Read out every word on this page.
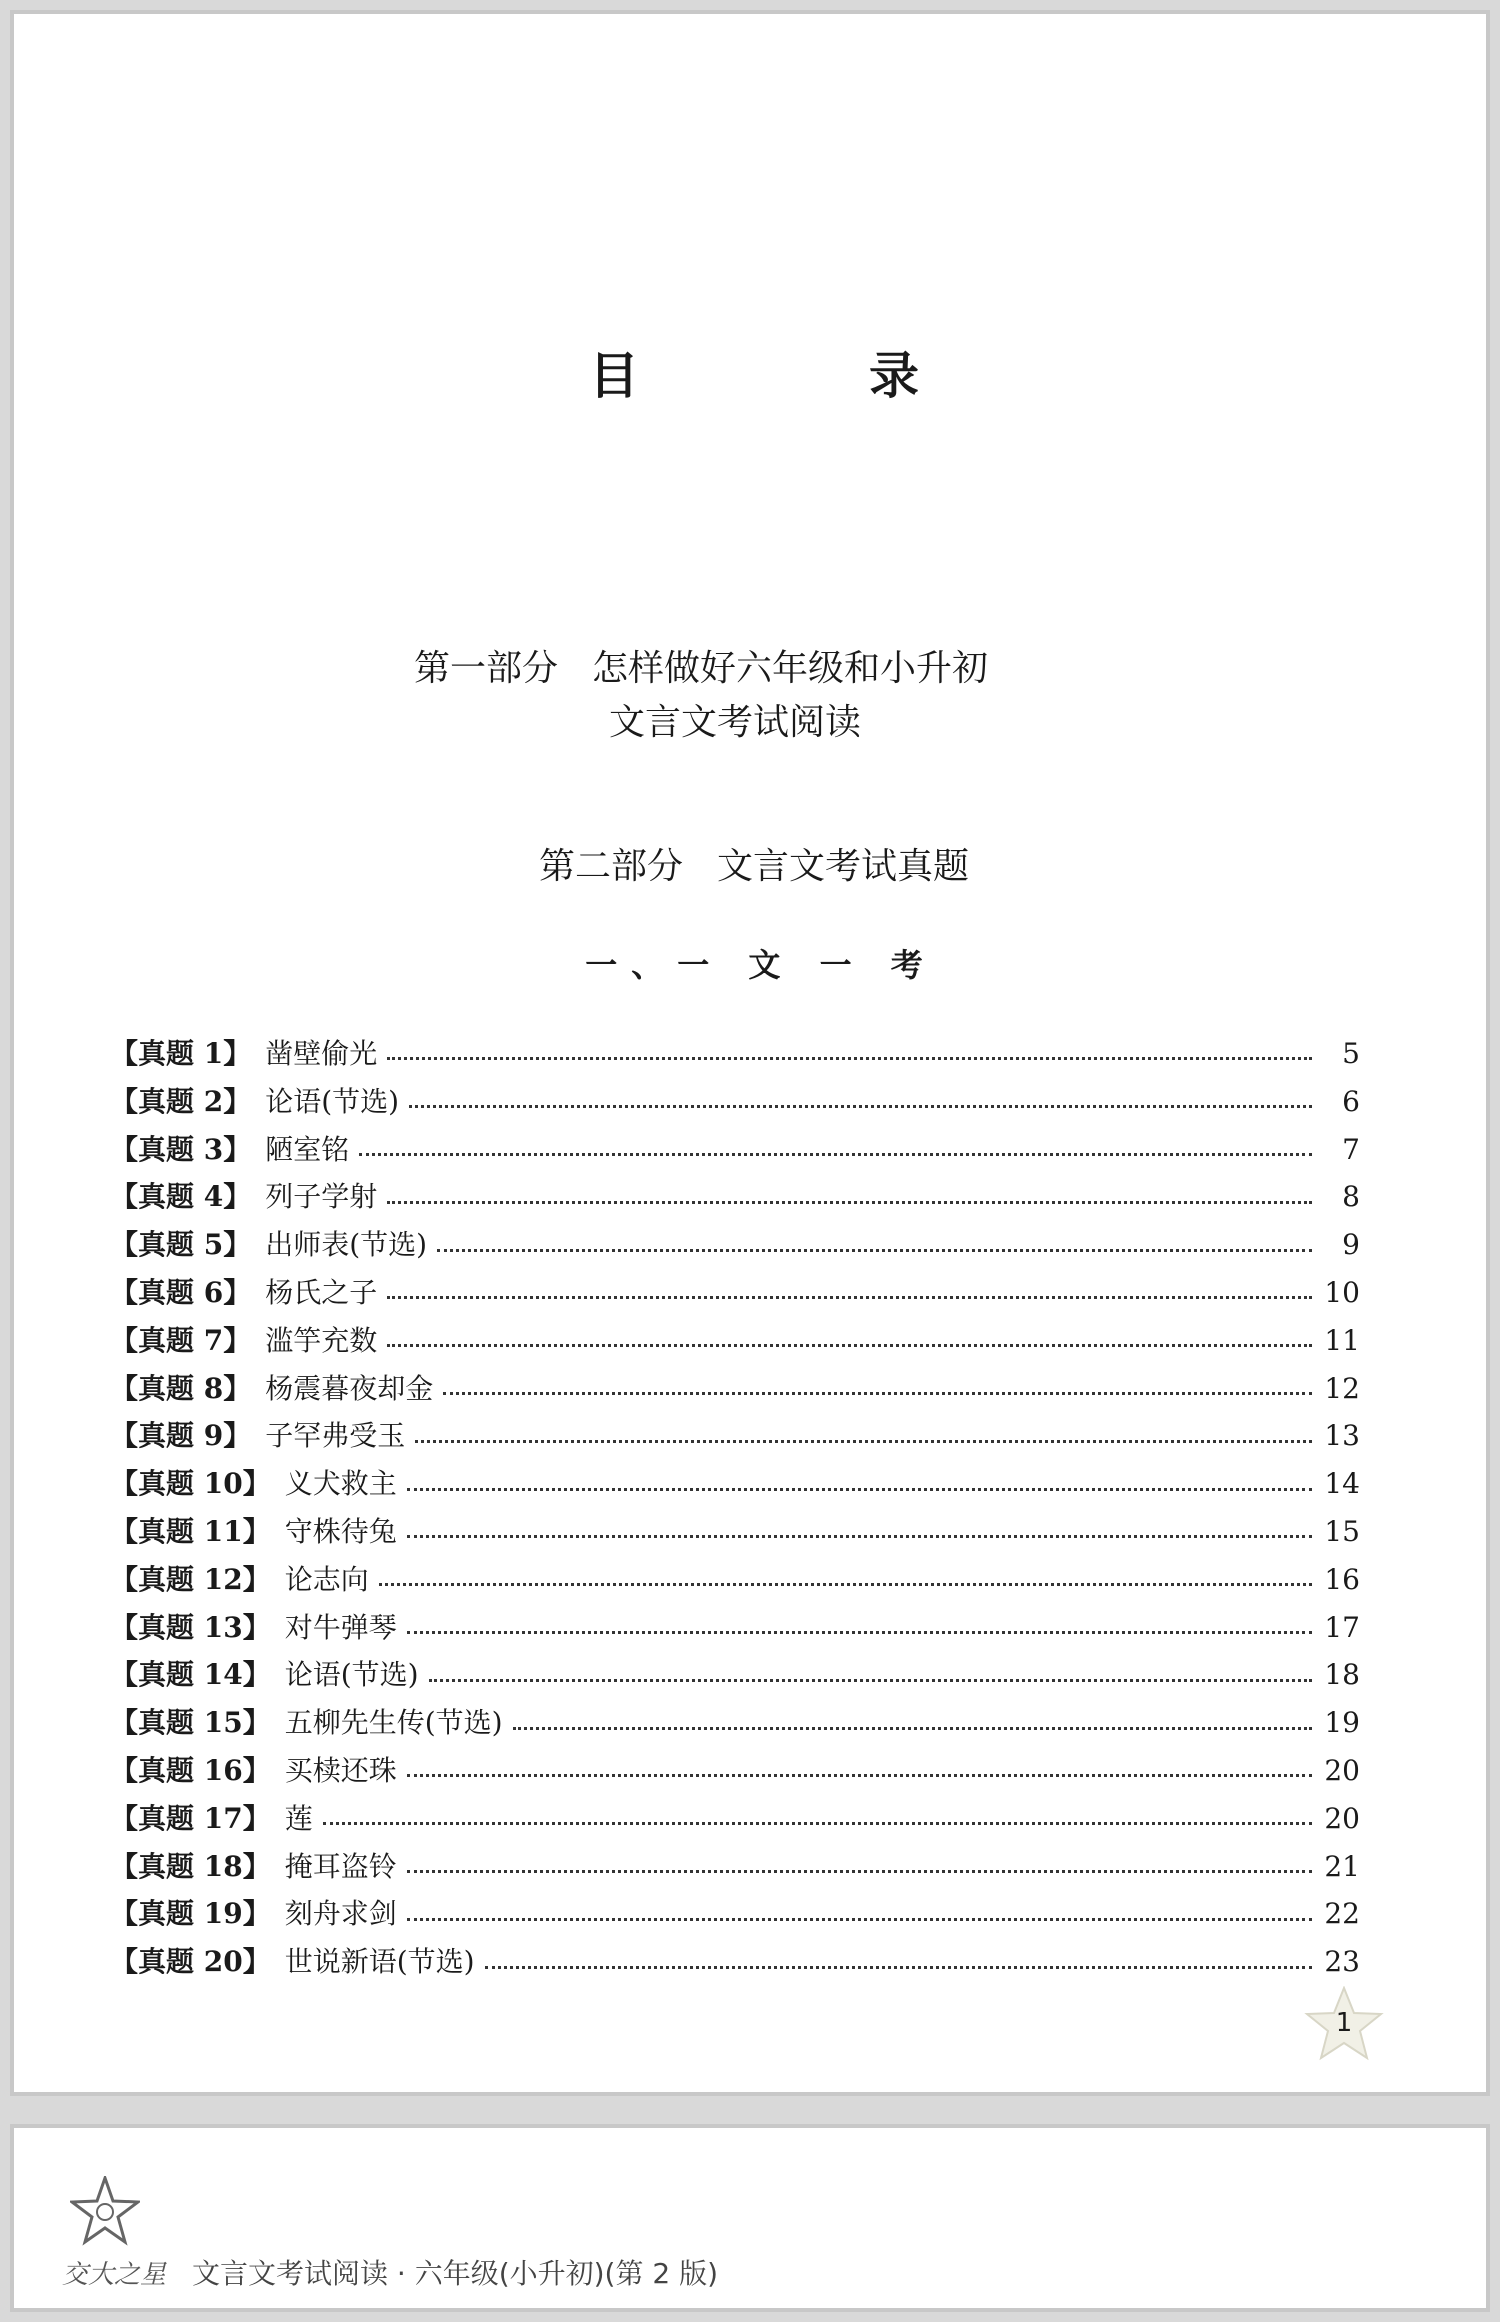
目　录
第一部分 怎样做好六年级和小升初
文言文考试阅读
第二部分 文言文考试真题
一、一 文 一 考
【真题 1】 凿壁偷光	5
【真题 2】 论语(节选)	6
【真题 3】 陋室铭	7
【真题 4】 列子学射	8
【真题 5】 出师表(节选)	9
【真题 6】 杨氏之子	10
【真题 7】 滥竽充数	11
【真题 8】 杨震暮夜却金	12
【真题 9】 子罕弗受玉	13
【真题 10】 义犬救主	14
【真题 11】 守株待兔	15
【真题 12】 论志向	16
【真题 13】 对牛弹琴	17
【真题 14】 论语(节选)	18
【真题 15】 五柳先生传(节选)	19
【真题 16】 买椟还珠	20
【真题 17】 莲	20
【真题 18】 掩耳盗铃	21
【真题 19】 刻舟求剑	22
【真题 20】 世说新语(节选)	23
1
交大之星 文言文考试阅读 · 六年级(小升初)(第 2 版)
